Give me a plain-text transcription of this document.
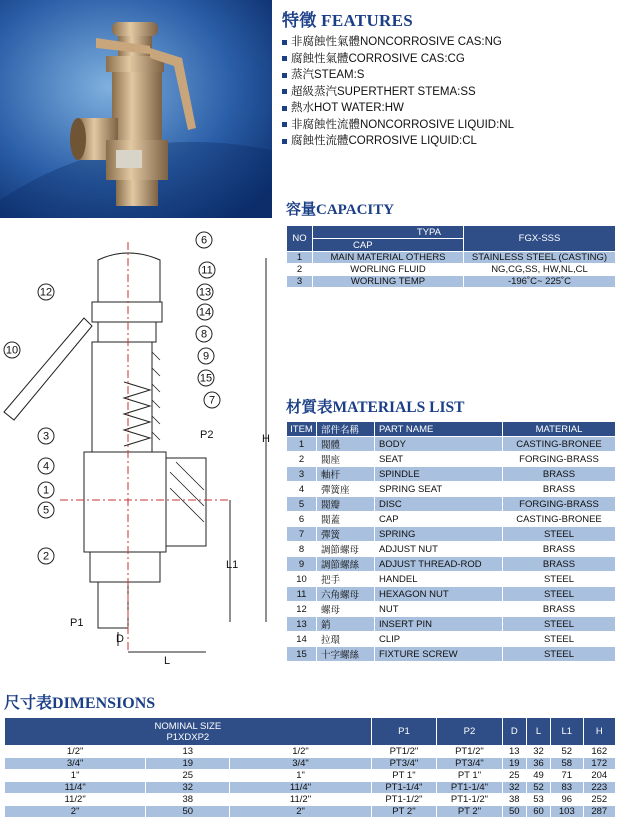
特徵 FEATURES
非腐蝕性氣體NONCORROSIVE CAS:NG
腐蝕性氣體CORROSIVE CAS:CG
蒸汽STEAM:S
超級蒸汽SUPERTHERT STEMA:SS
熱水HOT WATER:HW
非腐蝕性流體NONCORROSIVE LIQUID:NL
腐蝕性流體CORROSIVE LIQUID:CL
容量CAPACITY
NO	TYPA	FGX-SSS
	CAP	
1	MAIN MATERIAL OTHERS	STAINLESS STEEL (CASTING)
2	WORLING FLUID	NG,CG,SS, HW,NL,CL
3	WORLING TEMP	-196˚C~ 225˚C
材質表MATERIALS LIST
ITEM	部件名稱	PART NAME	MATERIAL
1	閥體	BODY	CASTING-BRONEE
2	閥座	SEAT	FORGING-BRASS
3	軸杆	SPINDLE	BRASS
4	彈簧座	SPRING SEAT	BRASS
5	閥瓣	DISC	FORGING-BRASS
6	閥蓋	CAP	CASTING-BRONEE
7	彈簧	SPRING	STEEL
8	調節螺母	ADJUST NUT	BRASS
9	調節螺絲	ADJUST THREAD-ROD	BRASS
10	把手	HANDEL	STEEL
11	六角螺母	HEXAGON NUT	STEEL
12	螺母	NUT	BRASS
13	銷	INSERT PIN	STEEL
14	拉環	CLIP	STEEL
15	十字螺絲	FIXTURE SCREW	STEEL
6
11
13
14
8
9
15
7
12
10
3
4
1
5
2
P2
P1
H
L1
L
D
尺寸表DIMENSIONS
NOMINAL SIZE
P1XDXP2			P1	P2	D	L	L1	H
1/2"	13	1/2"	PT1/2"	PT1/2"	13	32	52	162
3/4"	19	3/4"	PT3/4"	PT3/4"	19	36	58	172
1"	25	1"	PT 1"	PT 1"	25	49	71	204
11/4"	32	11/4"	PT1-1/4"	PT1-1/4"	32	52	83	223
11/2"	38	11/2"	PT1-1/2"	PT1-1/2"	38	53	96	252
2"	50	2"	PT 2"	PT 2"	50	60	103	287
